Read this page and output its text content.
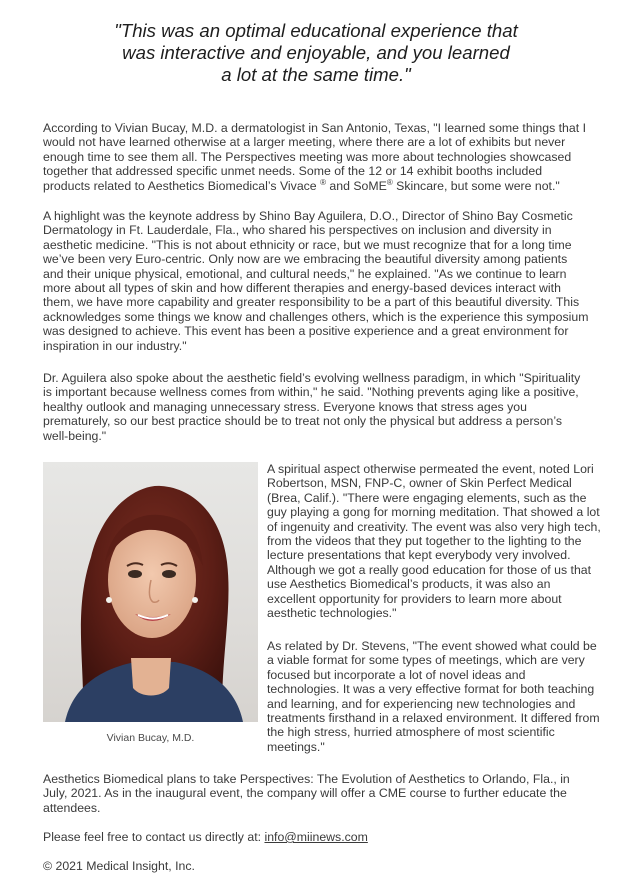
"This was an optimal educational experience that
was interactive and enjoyable, and you learned
a lot at the same time."

According to Vivian Bucay, M.D. a dermatologist in San Antonio, Texas, "I learned some things that I
would not have learned otherwise at a larger meeting, where there are a lot of exhibits but never
enough time to see them all. The Perspectives meeting was more about technologies showcased
together that addressed specific unmet needs. Some of the 12 or 14 exhibit booths included
products related to Aesthetics Biomedical’s Vivace ® and SoME® Skincare, but some were not."

A highlight was the keynote address by Shino Bay Aguilera, D.O., Director of Shino Bay Cosmetic
Dermatology in Ft. Lauderdale, Fla., who shared his perspectives on inclusion and diversity in
aesthetic medicine. "This is not about ethnicity or race, but we must recognize that for a long time
we’ve been very Euro-centric. Only now are we embracing the beautiful diversity among patients
and their unique physical, emotional, and cultural needs," he explained. "As we continue to learn
more about all types of skin and how different therapies and energy-based devices interact with
them, we have more capability and greater responsibility to be a part of this beautiful diversity. This
acknowledges some things we know and challenges others, which is the experience this symposium
was designed to achieve. This event has been a positive experience and a great environment for
inspiration in our industry."

Dr. Aguilera also spoke about the aesthetic field’s evolving wellness paradigm, in which "Spirituality
is important because wellness comes from within," he said. "Nothing prevents aging like a positive,
healthy outlook and managing unnecessary stress. Everyone knows that stress ages you
prematurely, so our best practice should be to treat not only the physical but address a person’s
well-being."

Vivian Bucay, M.D.

A spiritual aspect otherwise permeated the event, noted Lori
Robertson, MSN, FNP-C, owner of Skin Perfect Medical
(Brea, Calif.). "There were engaging elements, such as the
guy playing a gong for morning meditation. That showed a lot
of ingenuity and creativity. The event was also very high tech,
from the videos that they put together to the lighting to the
lecture presentations that kept everybody very involved.
Although we got a really good education for those of us that
use Aesthetics Biomedical’s products, it was also an
excellent opportunity for providers to learn more about
aesthetic technologies."

As related by Dr. Stevens, "The event showed what could be
a viable format for some types of meetings, which are very
focused but incorporate a lot of novel ideas and
technologies. It was a very effective format for both teaching
and learning, and for experiencing new technologies and
treatments firsthand in a relaxed environment. It differed from
the high stress, hurried atmosphere of most scientific
meetings."

Aesthetics Biomedical plans to take Perspectives: The Evolution of Aesthetics to Orlando, Fla., in
July, 2021. As in the inaugural event, the company will offer a CME course to further educate the
attendees.

Please feel free to contact us directly at: info@miinews.com

© 2021 Medical Insight, Inc.
